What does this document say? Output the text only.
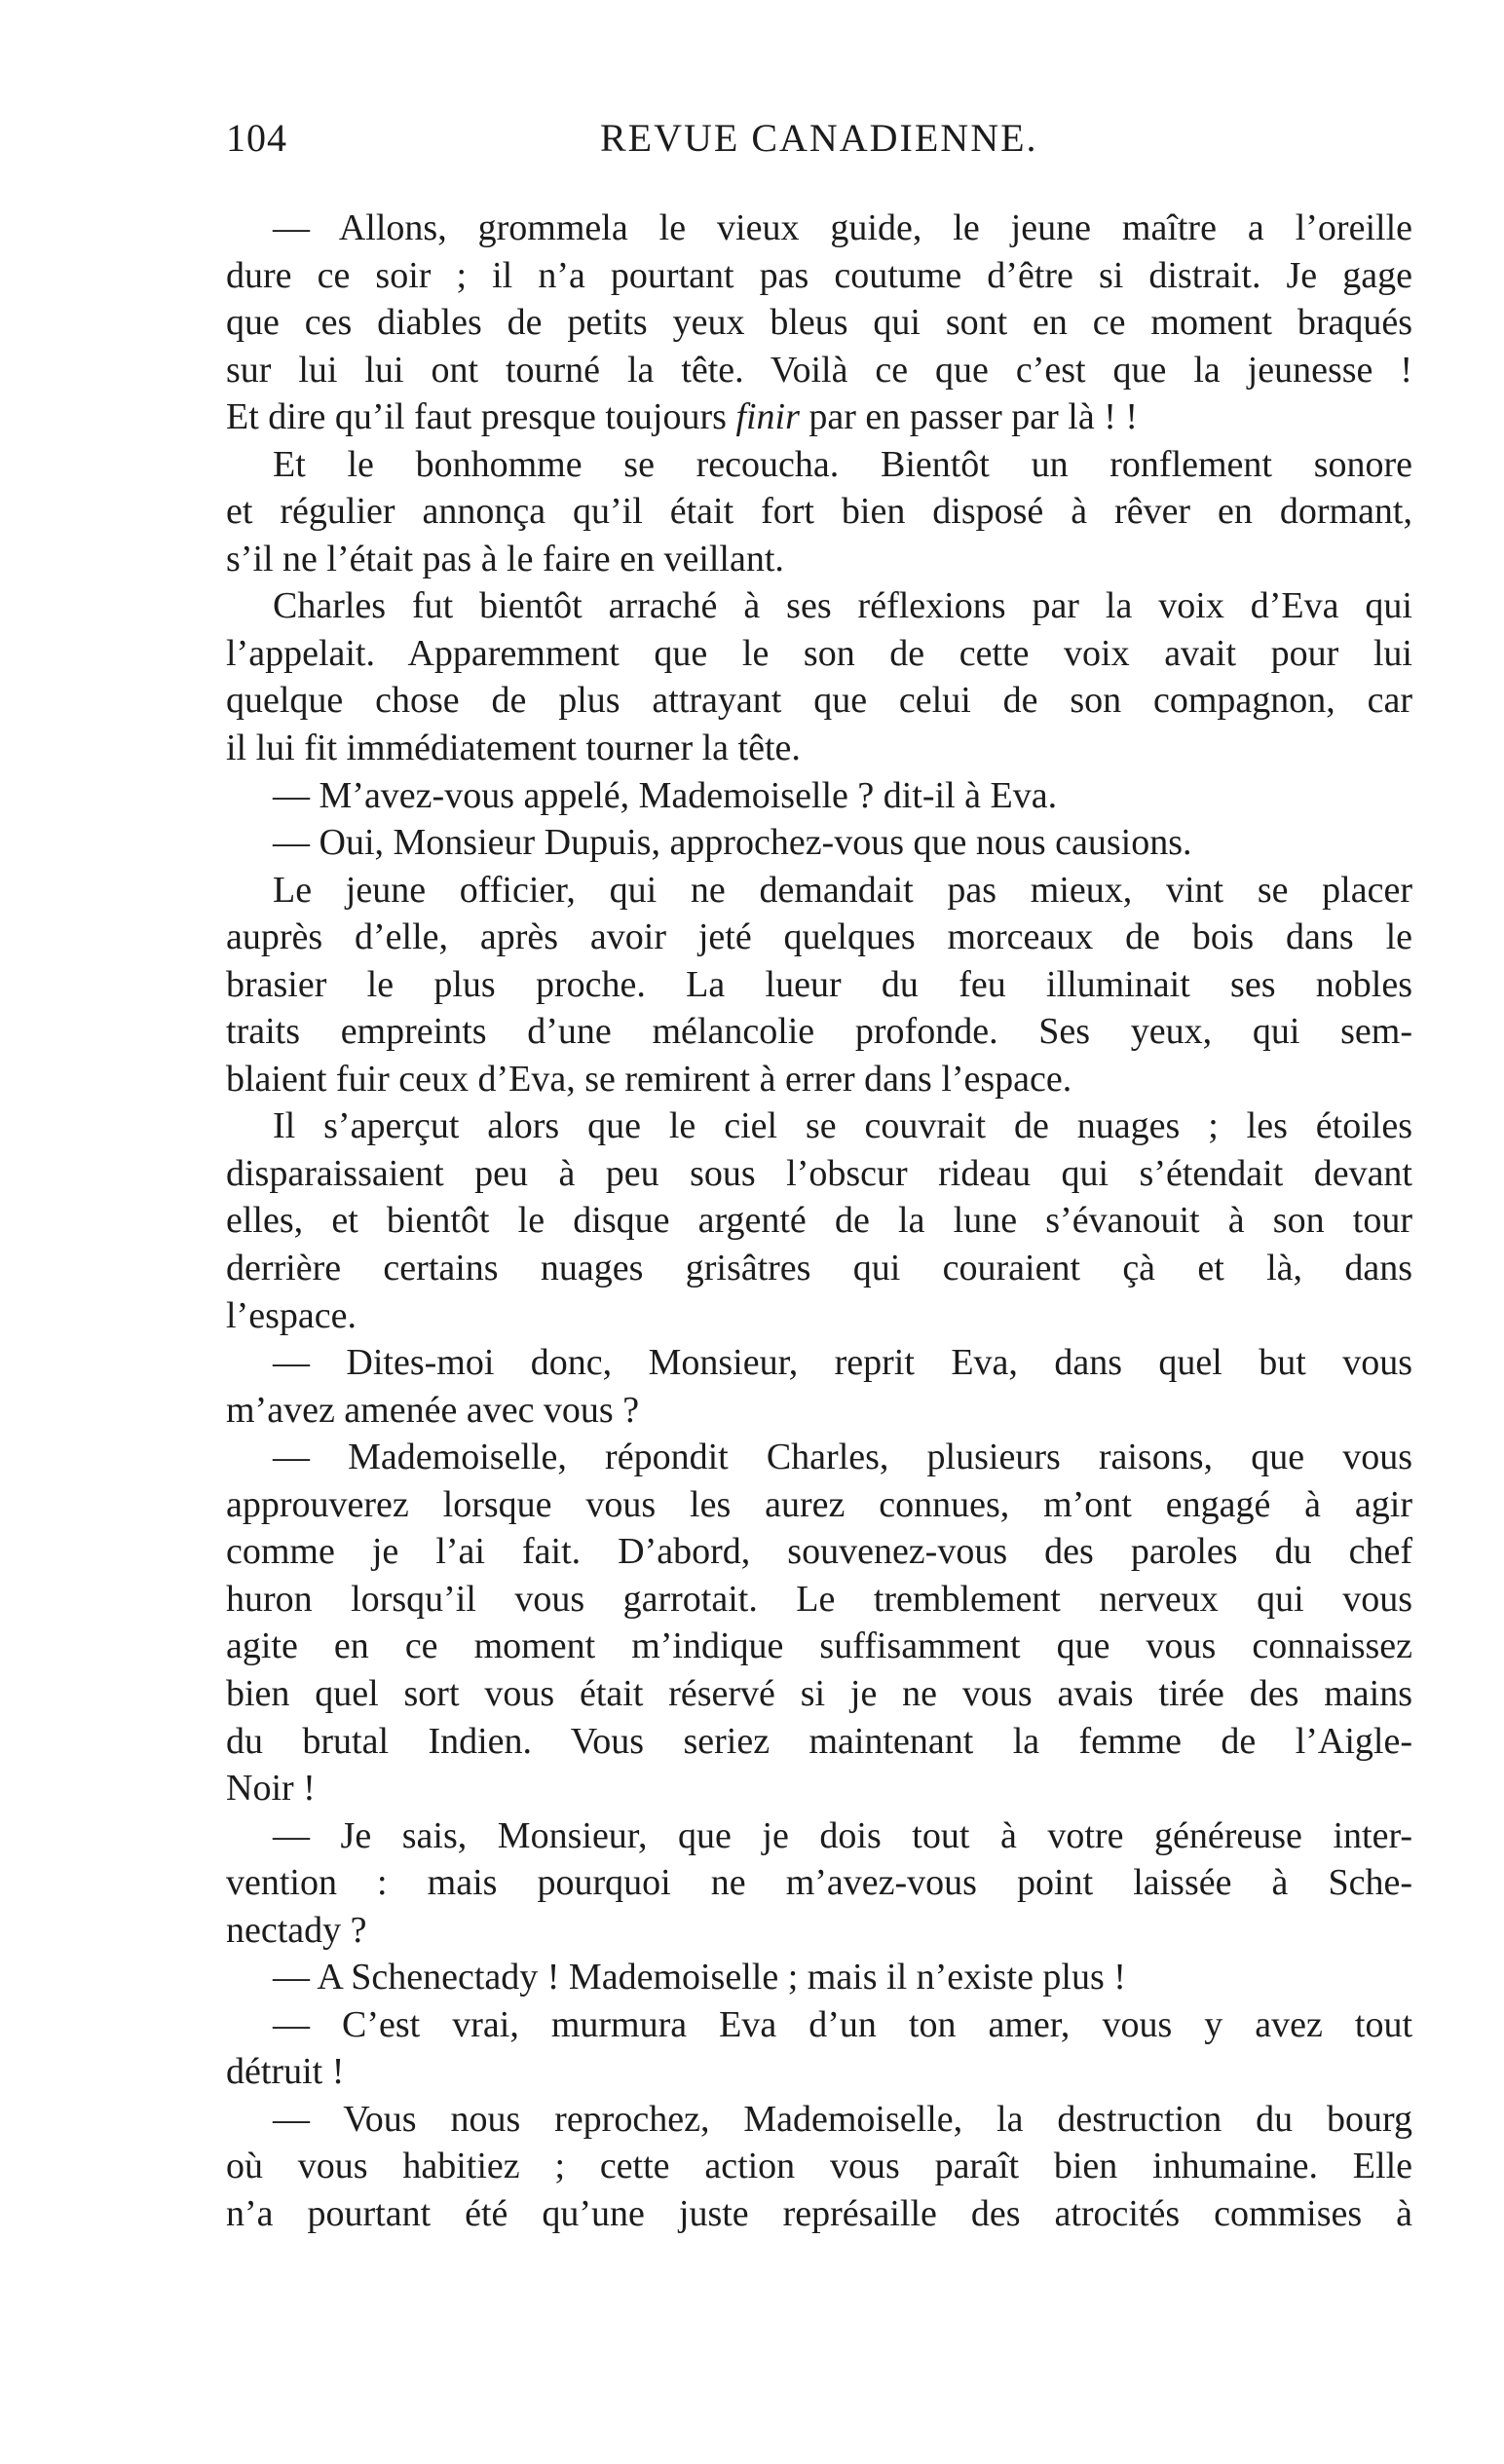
104	REVUE CANADIENNE.
— Allons, grommela le vieux guide, le jeune maître a l’oreille
dure ce soir ; il n’a pourtant pas coutume d’être si distrait. Je gage
que ces diables de petits yeux bleus qui sont en ce moment braqués
sur lui lui ont tourné la tête. Voilà ce que c’est que la jeunesse !
Et dire qu’il faut presque toujours finir par en passer par là ! !
Et le bonhomme se recoucha. Bientôt un ronflement sonore
et régulier annonça qu’il était fort bien disposé à rêver en dormant,
s’il ne l’était pas à le faire en veillant.
Charles fut bientôt arraché à ses réflexions par la voix d’Eva qui
l’appelait. Apparemment que le son de cette voix avait pour lui
quelque chose de plus attrayant que celui de son compagnon, car
il lui fit immédiatement tourner la tête.
— M’avez-vous appelé, Mademoiselle ? dit-il à Eva.
— Oui, Monsieur Dupuis, approchez-vous que nous causions.
Le jeune officier, qui ne demandait pas mieux, vint se placer
auprès d’elle, après avoir jeté quelques morceaux de bois dans le
brasier le plus proche. La lueur du feu illuminait ses nobles
traits empreints d’une mélancolie profonde. Ses yeux, qui sem-
blaient fuir ceux d’Eva, se remirent à errer dans l’espace.
Il s’aperçut alors que le ciel se couvrait de nuages ; les étoiles
disparaissaient peu à peu sous l’obscur rideau qui s’étendait devant
elles, et bientôt le disque argenté de la lune s’évanouit à son tour
derrière certains nuages grisâtres qui couraient çà et là, dans
l’espace.
— Dites-moi donc, Monsieur, reprit Eva, dans quel but vous
m’avez amenée avec vous ?
— Mademoiselle, répondit Charles, plusieurs raisons, que vous
approuverez lorsque vous les aurez connues, m’ont engagé à agir
comme je l’ai fait. D’abord, souvenez-vous des paroles du chef
huron lorsqu’il vous garrotait. Le tremblement nerveux qui vous
agite en ce moment m’indique suffisamment que vous connaissez
bien quel sort vous était réservé si je ne vous avais tirée des mains
du brutal Indien. Vous seriez maintenant la femme de l’Aigle-
Noir !
— Je sais, Monsieur, que je dois tout à votre généreuse inter-
vention : mais pourquoi ne m’avez-vous point laissée à Sche-
nectady ?
— A Schenectady ! Mademoiselle ; mais il n’existe plus !
— C’est vrai, murmura Eva d’un ton amer, vous y avez tout
détruit !
— Vous nous reprochez, Mademoiselle, la destruction du bourg
où vous habitiez ; cette action vous paraît bien inhumaine. Elle
n’a pourtant été qu’une juste représaille des atrocités commises à
